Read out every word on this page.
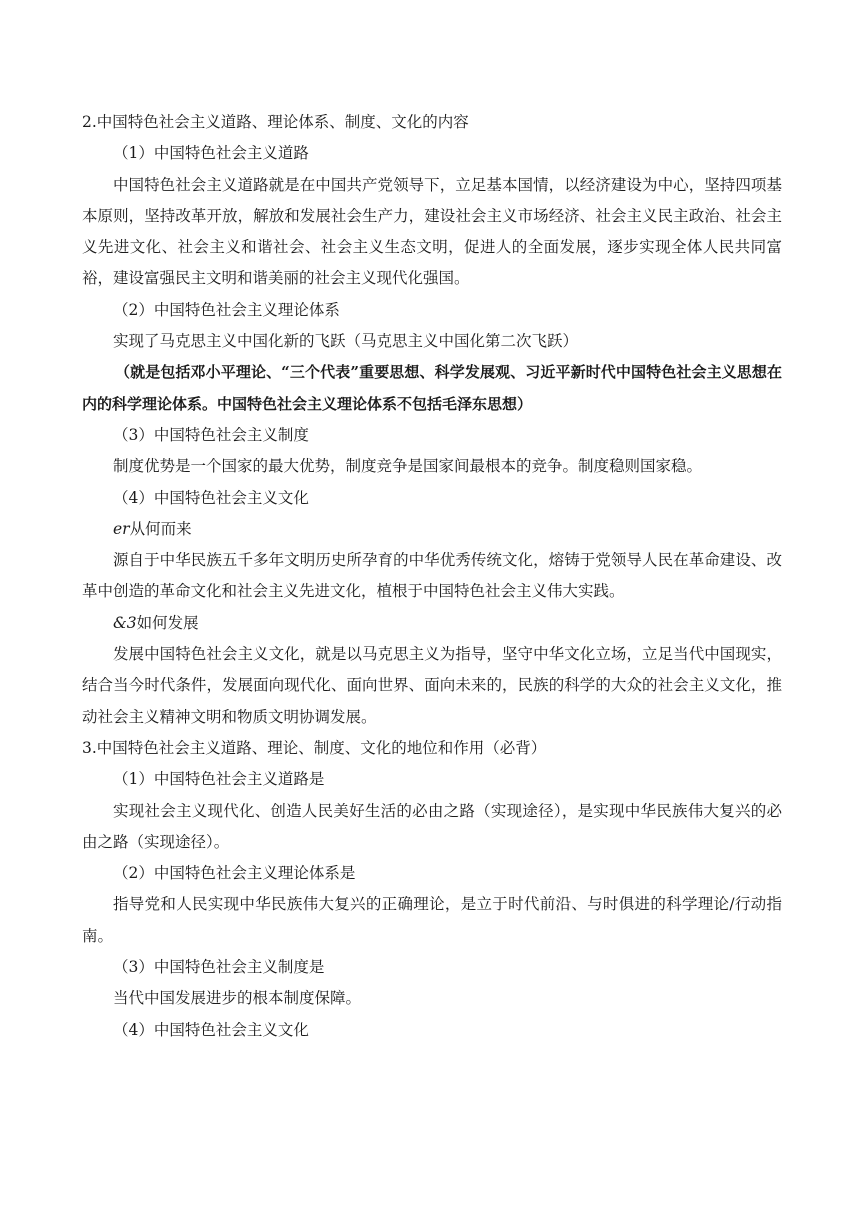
2.中国特色社会主义道路、理论体系、制度、文化的内容

（1）中国特色社会主义道路

中国特色社会主义道路就是在中国共产党领导下，立足基本国情，以经济建设为中心，坚持四项基本原则，坚持改革开放，解放和发展社会生产力，建设社会主义市场经济、社会主义民主政治、社会主义先进文化、社会主义和谐社会、社会主义生态文明，促进人的全面发展，逐步实现全体人民共同富裕，建设富强民主文明和谐美丽的社会主义现代化强国。

（2）中国特色社会主义理论体系

实现了马克思主义中国化新的飞跃（马克思主义中国化第二次飞跃）

（就是包括邓小平理论、“三个代表”重要思想、科学发展观、习近平新时代中国特色社会主义思想在内的科学理论体系。中国特色社会主义理论体系不包括毛泽东思想）

（3）中国特色社会主义制度

制度优势是一个国家的最大优势，制度竞争是国家间最根本的竞争。制度稳则国家稳。

（4）中国特色社会主义文化

er从何而来

源自于中华民族五千多年文明历史所孕育的中华优秀传统文化，熔铸于党领导人民在革命建设、改革中创造的革命文化和社会主义先进文化，植根于中国特色社会主义伟大实践。

&3如何发展

发展中国特色社会主义文化，就是以马克思主义为指导，坚守中华文化立场，立足当代中国现实，结合当今时代条件，发展面向现代化、面向世界、面向未来的，民族的科学的大众的社会主义文化，推动社会主义精神文明和物质文明协调发展。

3.中国特色社会主义道路、理论、制度、文化的地位和作用（必背）

（1）中国特色社会主义道路是

实现社会主义现代化、创造人民美好生活的必由之路（实现途径），是实现中华民族伟大复兴的必由之路（实现途径）。

（2）中国特色社会主义理论体系是

指导党和人民实现中华民族伟大复兴的正确理论，是立于时代前沿、与时俱进的科学理论/行动指南。

（3）中国特色社会主义制度是

当代中国发展进步的根本制度保障。

（4）中国特色社会主义文化
